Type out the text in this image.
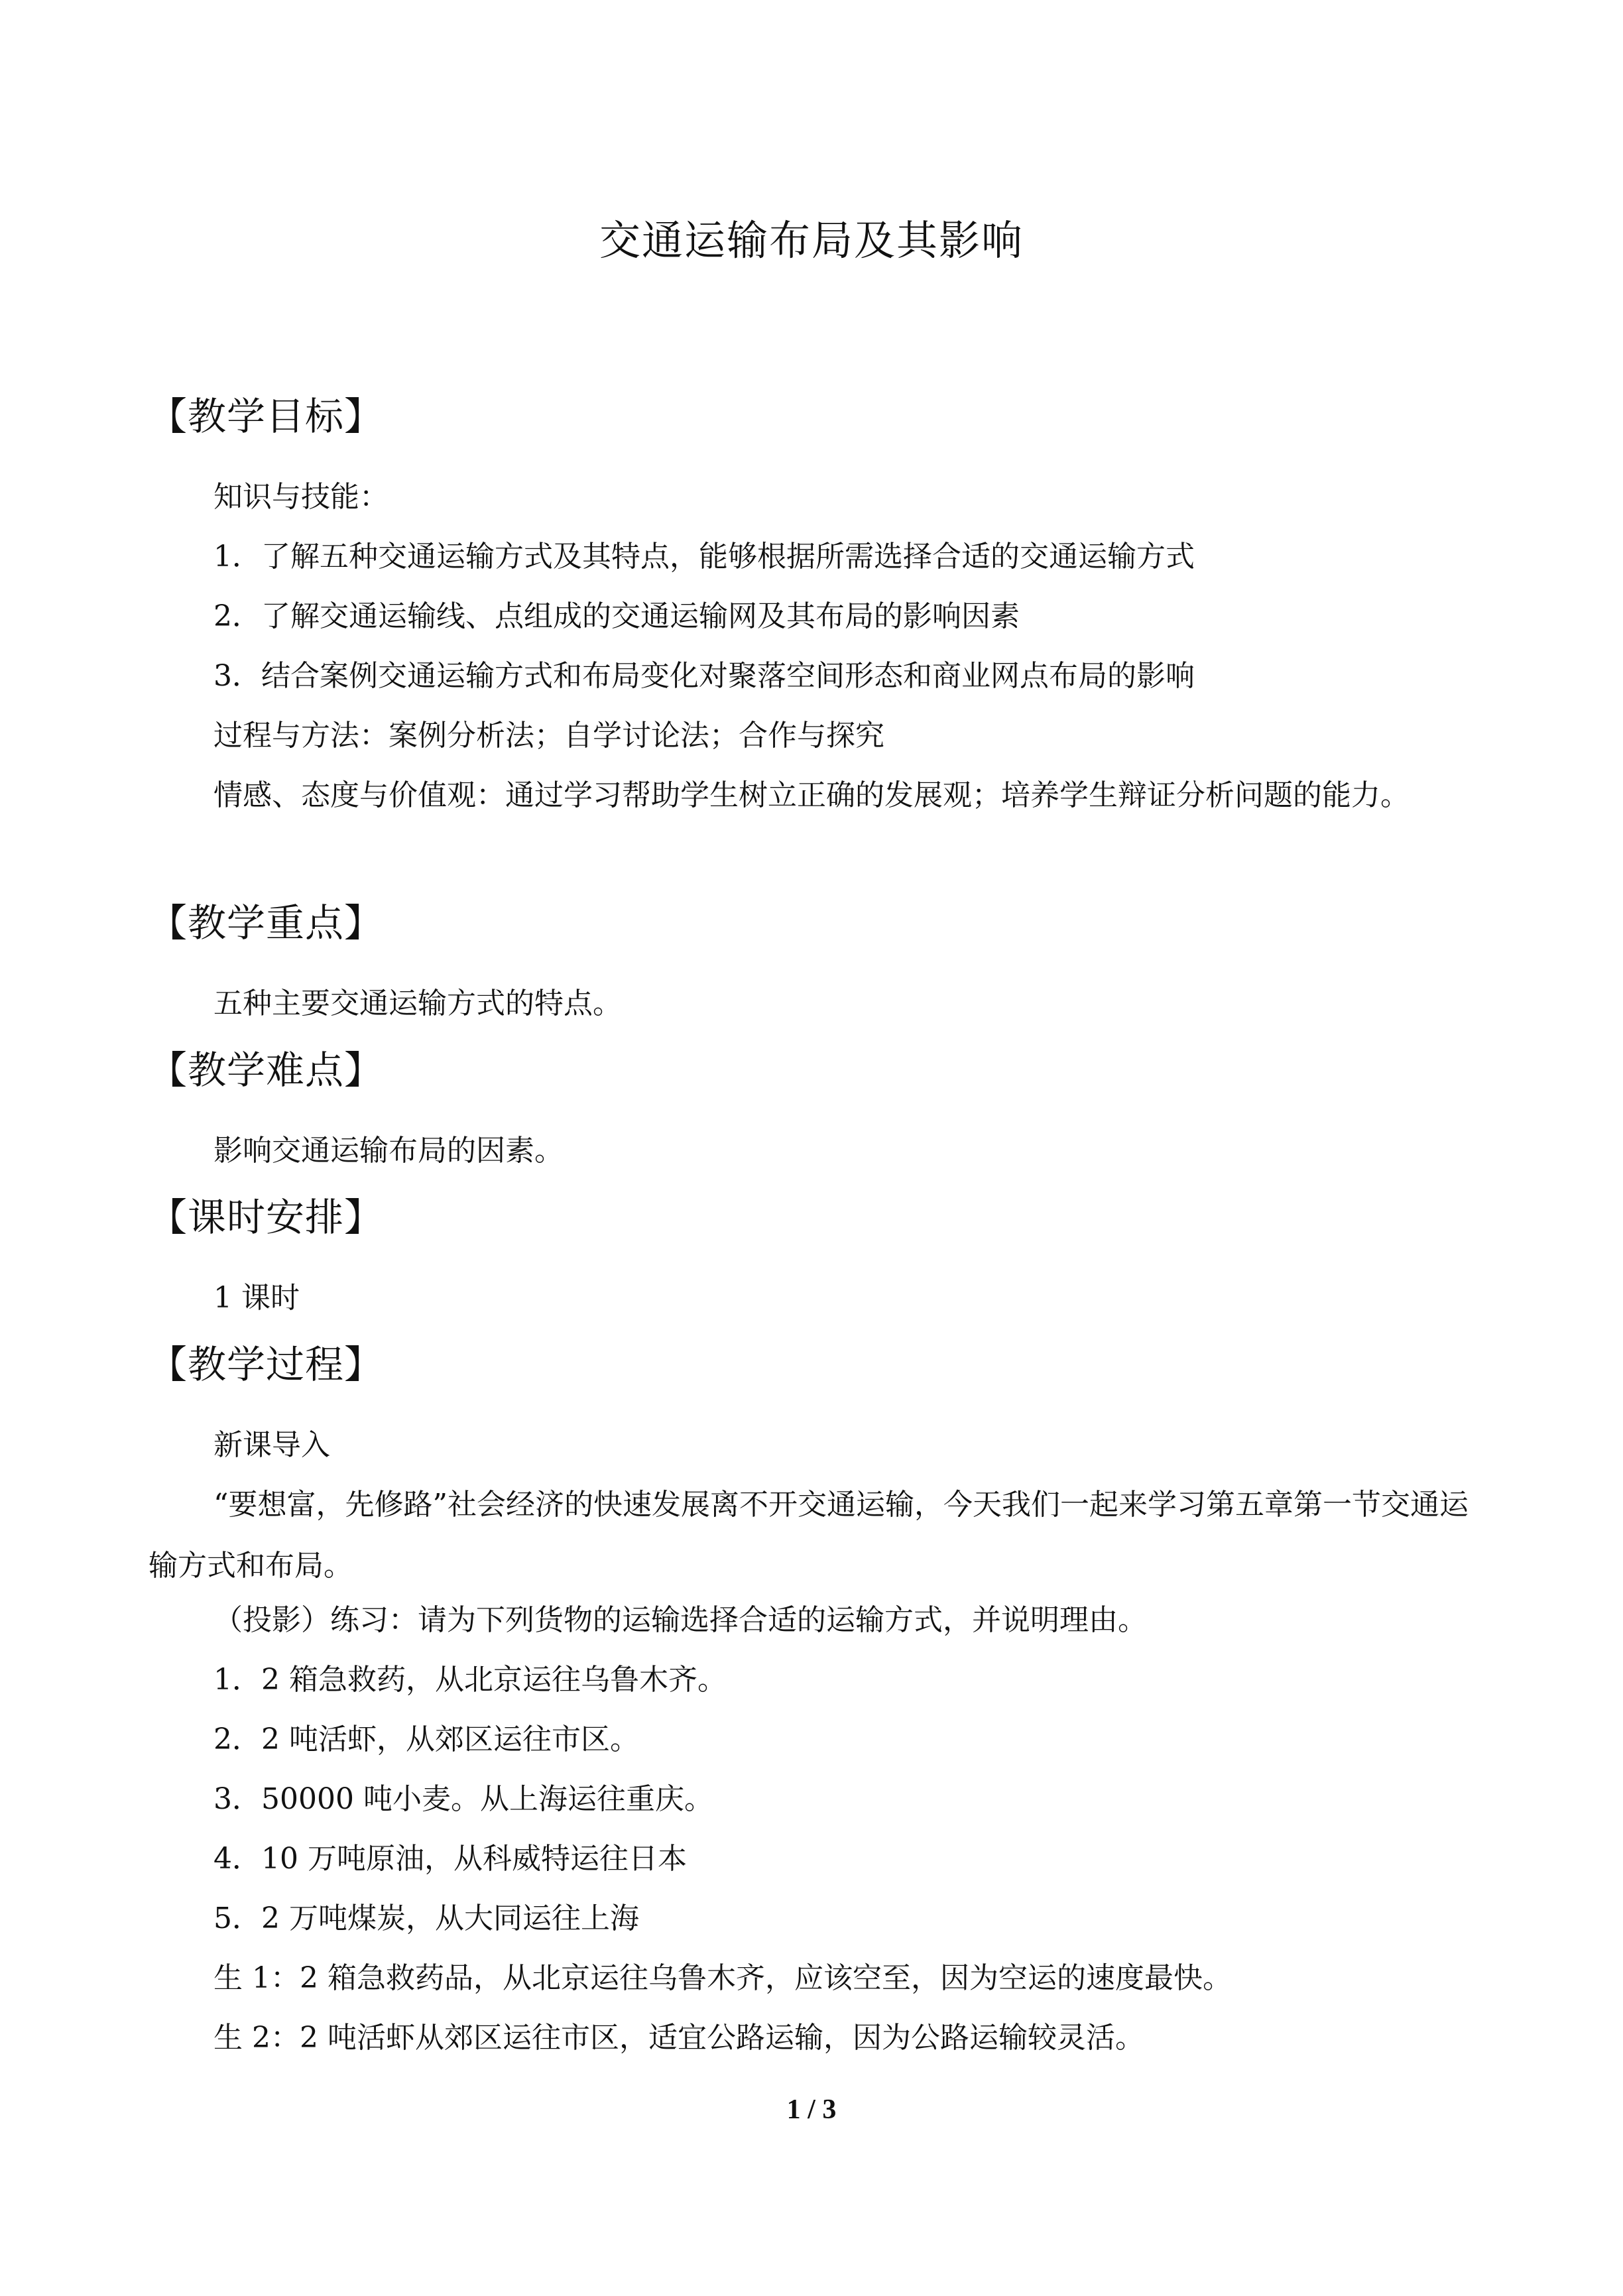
交通运输布局及其影响
【教学目标】
知识与技能：
1．了解五种交通运输方式及其特点，能够根据所需选择合适的交通运输方式
2．了解交通运输线、点组成的交通运输网及其布局的影响因素
3．结合案例交通运输方式和布局变化对聚落空间形态和商业网点布局的影响
过程与方法：案例分析法；自学讨论法；合作与探究
情感、态度与价值观：通过学习帮助学生树立正确的发展观；培养学生辩证分析问题的能力。
【教学重点】
五种主要交通运输方式的特点。
【教学难点】
影响交通运输布局的因素。
【课时安排】
1 课时
【教学过程】
新课导入
“要想富，先修路”社会经济的快速发展离不开交通运输，今天我们一起来学习第五章第一节交通运输方式和布局。
（投影）练习：请为下列货物的运输选择合适的运输方式，并说明理由。
1．2 箱急救药，从北京运往乌鲁木齐。
2．2 吨活虾，从郊区运往市区。
3．50000 吨小麦。从上海运往重庆。
4．10 万吨原油，从科威特运往日本
5．2 万吨煤炭，从大同运往上海
生 1：2 箱急救药品，从北京运往乌鲁木齐，应该空至，因为空运的速度最快。
生 2：2 吨活虾从郊区运往市区，适宜公路运输，因为公路运输较灵活。
1 / 3
